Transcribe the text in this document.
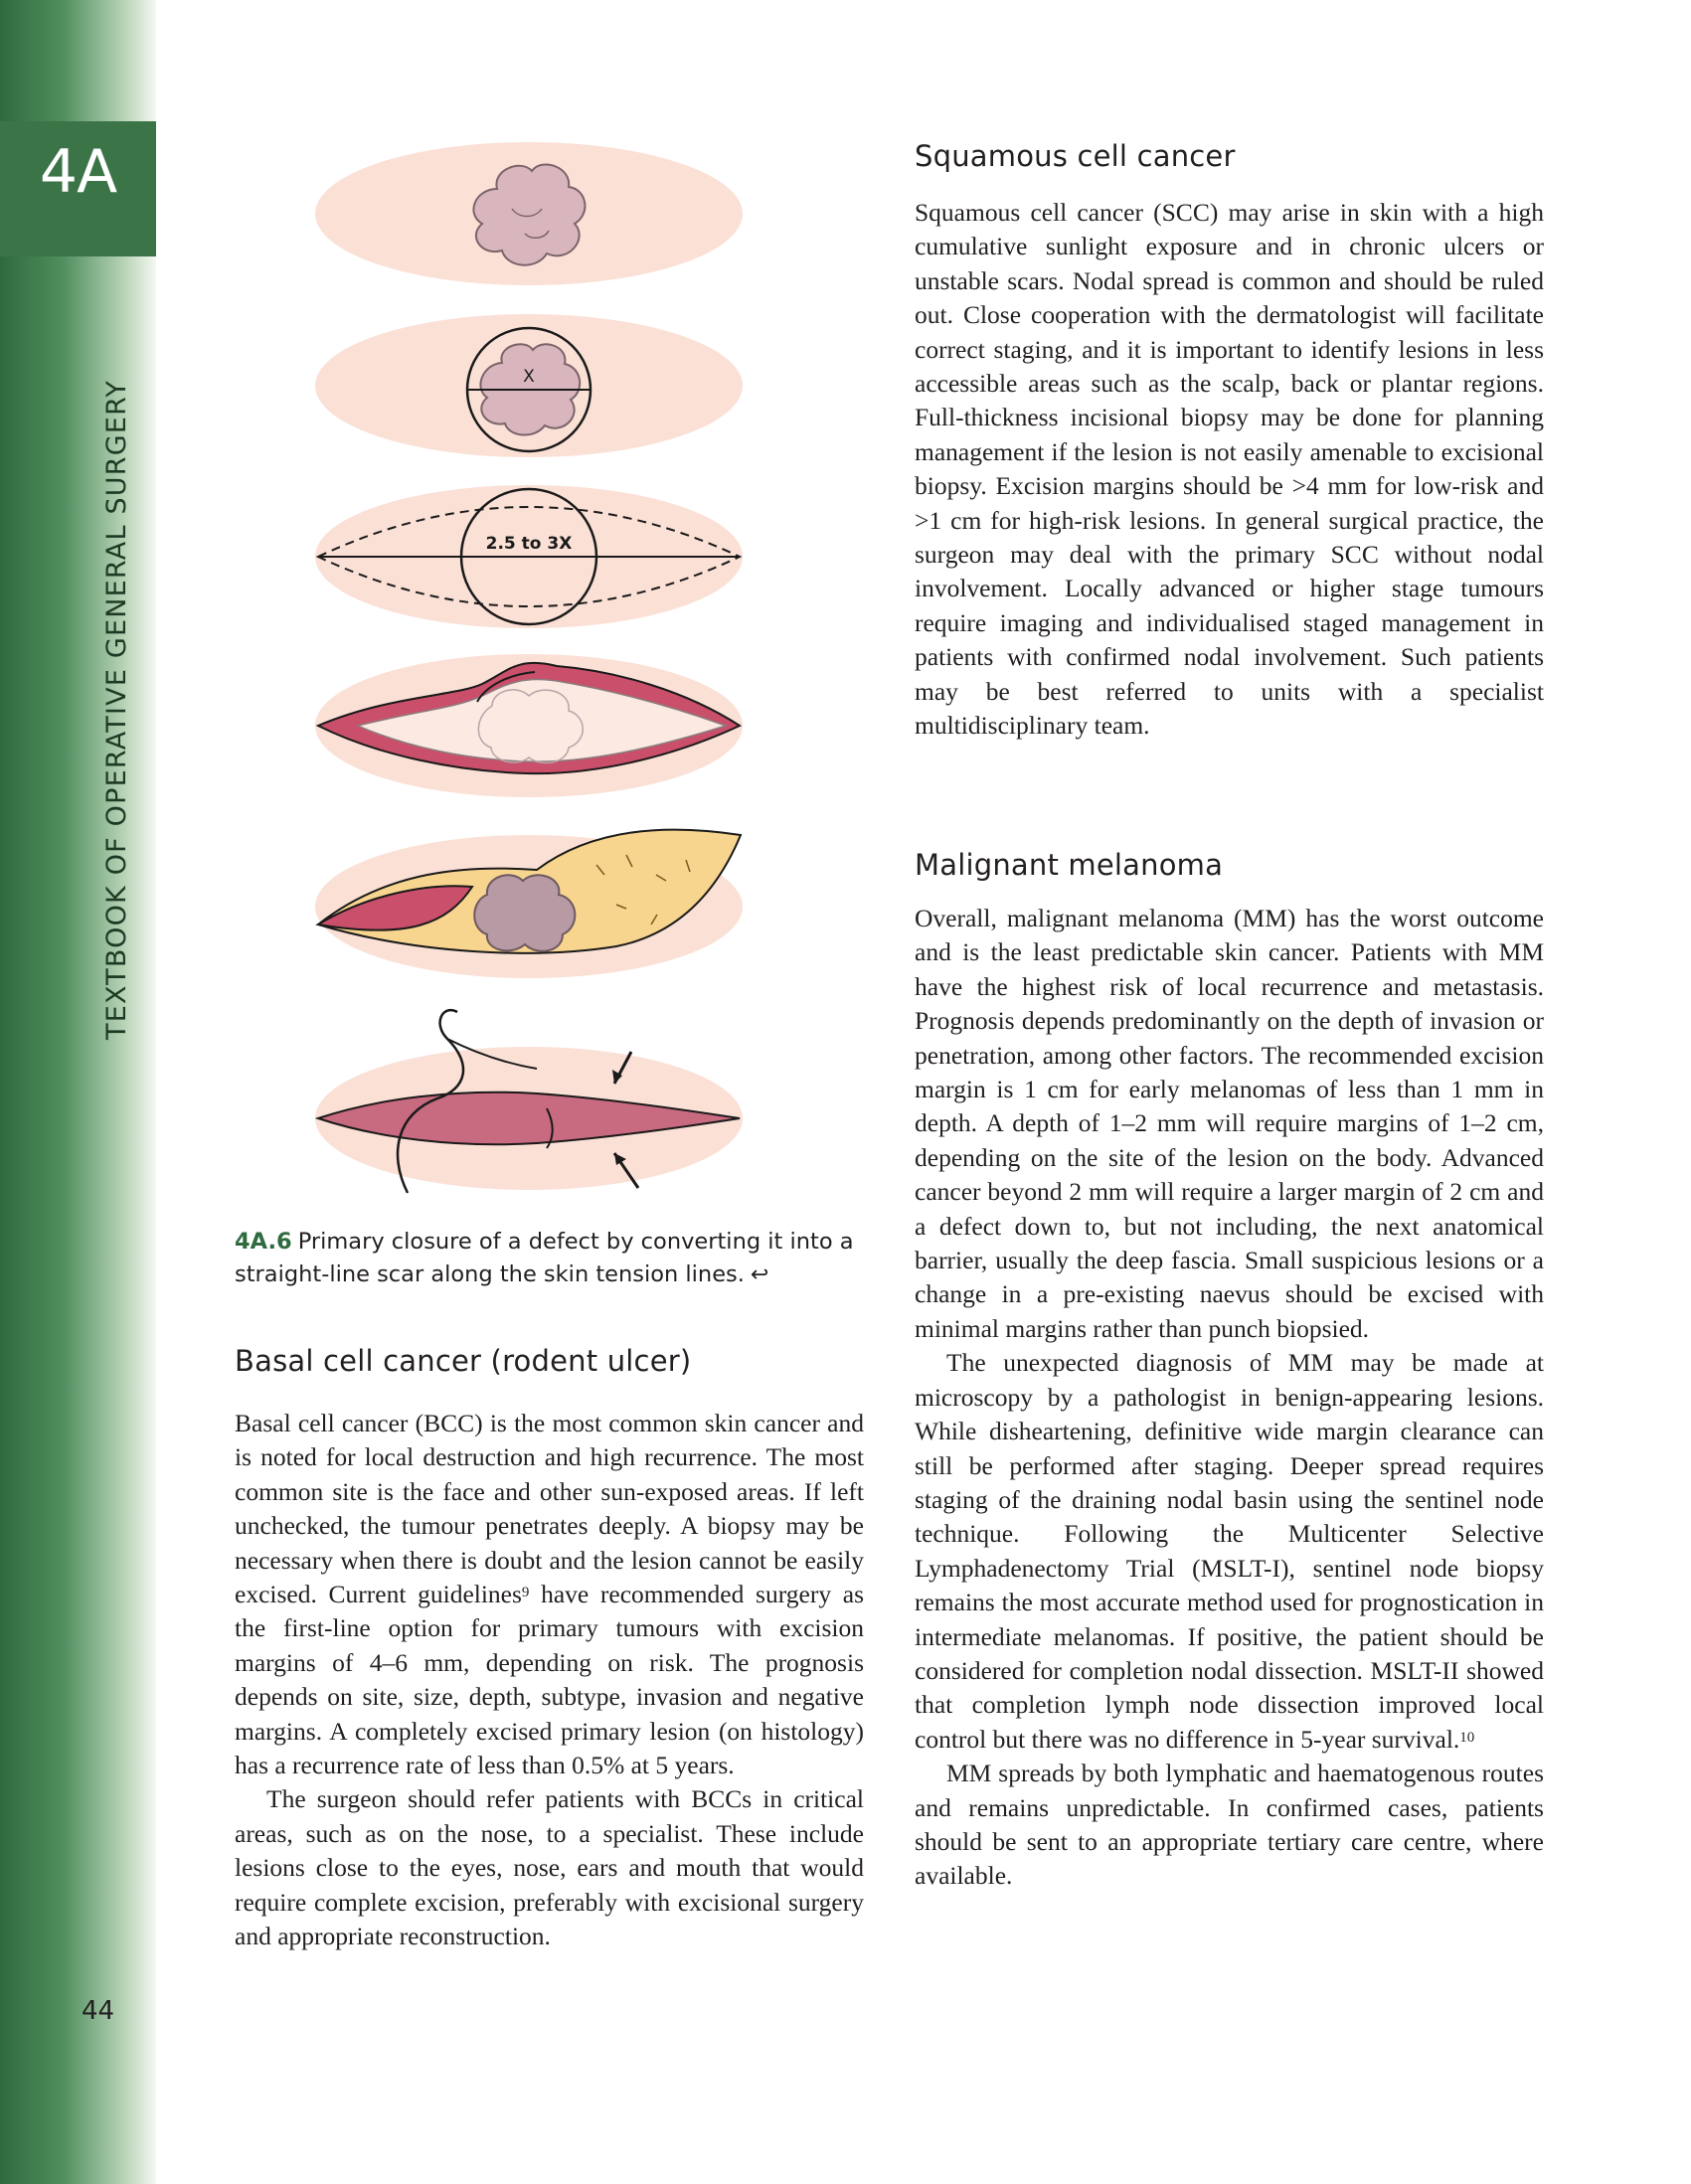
4A
TEXTBOOK OF OPERATIVE GENERAL SURGERY
44
X
2.5 to 3X
4A.6 Primary closure of a defect by converting it into a straight-line scar along the skin tension lines. ↩
Basal cell cancer (rodent ulcer)

Basal cell cancer (BCC) is the most common skin cancer and is noted for local destruction and high recurrence. The most common site is the face and other sun-exposed areas. If left unchecked, the tumour penetrates deeply. A biopsy may be necessary when there is doubt and the lesion cannot be easily excised. Current guidelines$^9$ have recommended surgery as the first-line option for primary tumours with excision margins of 4–6 mm, depending on risk. The prognosis depends on site, size, depth, subtype, invasion and negative margins. A completely excised primary lesion (on histology) has a recurrence rate of less than 0.5% at 5 years.

The surgeon should refer patients with BCCs in critical areas, such as on the nose, to a specialist. These include lesions close to the eyes, nose, ears and mouth that would require complete excision, preferably with excisional surgery and appropriate reconstruction.

Squamous cell cancer

Squamous cell cancer (SCC) may arise in skin with a high cumulative sunlight exposure and in chronic ulcers or unstable scars. Nodal spread is common and should be ruled out. Close cooperation with the dermatologist will facilitate correct staging, and it is important to identify lesions in less accessible areas such as the scalp, back or plantar regions. Full-thickness incisional biopsy may be done for planning management if the lesion is not easily amenable to excisional biopsy. Excision margins should be >4 mm for low-risk and >1 cm for high-risk lesions. In general surgical practice, the surgeon may deal with the primary SCC without nodal involvement. Locally advanced or higher stage tumours require imaging and individualised staged management in patients with confirmed nodal involvement. Such patients may be best referred to units with a specialist multidisciplinary team.

Malignant melanoma

Overall, malignant melanoma (MM) has the worst outcome and is the least predictable skin cancer. Patients with MM have the highest risk of local recurrence and metastasis. Prognosis depends predominantly on the depth of invasion or penetration, among other factors. The recommended excision margin is 1 cm for early melanomas of less than 1 mm in depth. A depth of 1–2 mm will require margins of 1–2 cm, depending on the site of the lesion on the body. Advanced cancer beyond 2 mm will require a larger margin of 2 cm and a defect down to, but not including, the next anatomical barrier, usually the deep fascia. Small suspicious lesions or a change in a pre-existing naevus should be excised with minimal margins rather than punch biopsied.

The unexpected diagnosis of MM may be made at microscopy by a pathologist in benign-appearing lesions. While disheartening, definitive wide margin clearance can still be performed after staging. Deeper spread requires staging of the draining nodal basin using the sentinel node technique. Following the Multicenter Selective Lymphadenectomy Trial (MSLT-I), sentinel node biopsy remains the most accurate method used for prognostication in intermediate melanomas. If positive, the patient should be considered for completion nodal dissection. MSLT-II showed that completion lymph node dissection improved local control but there was no difference in 5-year survival.$^{10}$

MM spreads by both lymphatic and haematogenous routes and remains unpredictable. In confirmed cases, patients should be sent to an appropriate tertiary care centre, where available.
